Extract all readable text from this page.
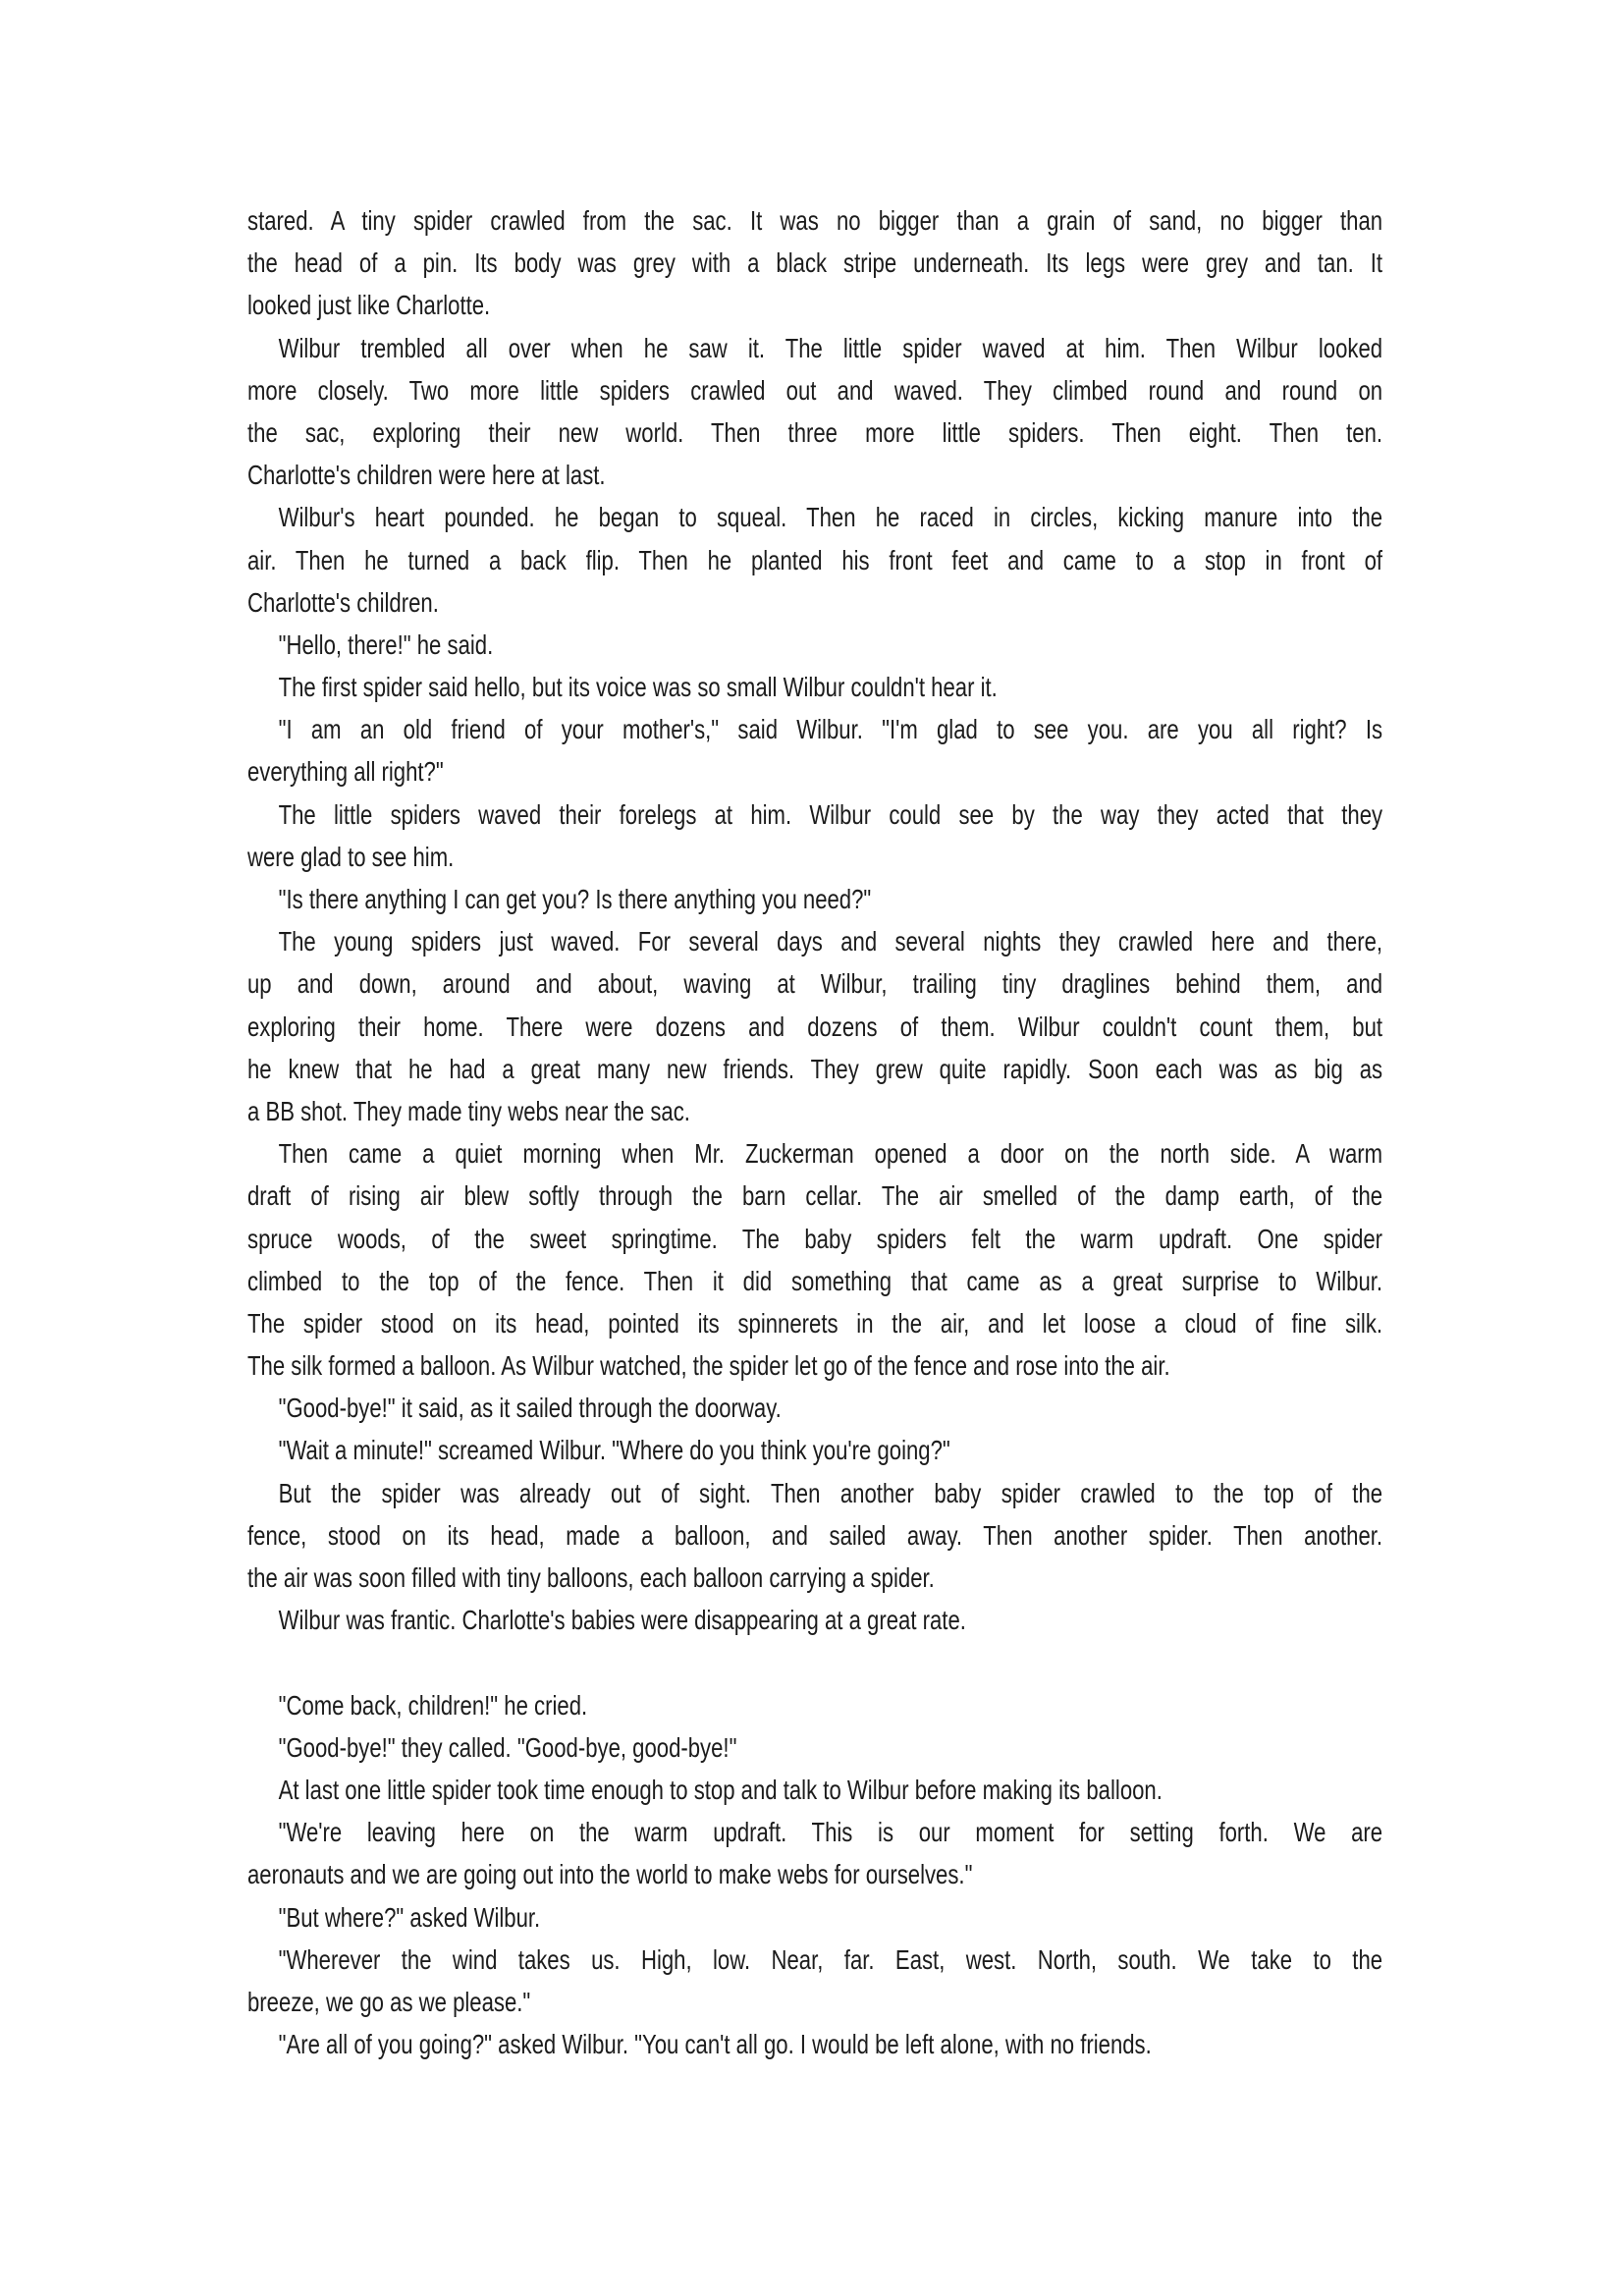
stared. A tiny spider crawled from the sac. It was no bigger than a grain of sand, no bigger than
the head of a pin. Its body was grey with a black stripe underneath. Its legs were grey and tan. It
looked just like Charlotte.
Wilbur trembled all over when he saw it. The little spider waved at him. Then Wilbur looked
more closely. Two more little spiders crawled out and waved. They climbed round and round on
the sac, exploring their new world. Then three more little spiders. Then eight. Then ten.
Charlotte's children were here at last.
Wilbur's heart pounded. he began to squeal. Then he raced in circles, kicking manure into the
air. Then he turned a back flip. Then he planted his front feet and came to a stop in front of
Charlotte's children.
"Hello, there!" he said.
The first spider said hello, but its voice was so small Wilbur couldn't hear it.
"I am an old friend of your mother's," said Wilbur. "I'm glad to see you. are you all right? Is
everything all right?"
The little spiders waved their forelegs at him. Wilbur could see by the way they acted that they
were glad to see him.
"Is there anything I can get you? Is there anything you need?"
The young spiders just waved. For several days and several nights they crawled here and there,
up and down, around and about, waving at Wilbur, trailing tiny draglines behind them, and
exploring their home. There were dozens and dozens of them. Wilbur couldn't count them, but
he knew that he had a great many new friends. They grew quite rapidly. Soon each was as big as
a BB shot. They made tiny webs near the sac.
Then came a quiet morning when Mr. Zuckerman opened a door on the north side. A warm
draft of rising air blew softly through the barn cellar. The air smelled of the damp earth, of the
spruce woods, of the sweet springtime. The baby spiders felt the warm updraft. One spider
climbed to the top of the fence. Then it did something that came as a great surprise to Wilbur.
The spider stood on its head, pointed its spinnerets in the air, and let loose a cloud of fine silk.
The silk formed a balloon. As Wilbur watched, the spider let go of the fence and rose into the air.
"Good-bye!" it said, as it sailed through the doorway.
"Wait a minute!" screamed Wilbur. "Where do you think you're going?"
But the spider was already out of sight. Then another baby spider crawled to the top of the
fence, stood on its head, made a balloon, and sailed away. Then another spider. Then another.
the air was soon filled with tiny balloons, each balloon carrying a spider.
Wilbur was frantic. Charlotte's babies were disappearing at a great rate.
"Come back, children!" he cried.
"Good-bye!" they called. "Good-bye, good-bye!"
At last one little spider took time enough to stop and talk to Wilbur before making its balloon.
"We're leaving here on the warm updraft. This is our moment for setting forth. We are
aeronauts and we are going out into the world to make webs for ourselves."
"But where?" asked Wilbur.
"Wherever the wind takes us. High, low. Near, far. East, west. North, south. We take to the
breeze, we go as we please."
"Are all of you going?" asked Wilbur. "You can't all go. I would be left alone, with no friends.
